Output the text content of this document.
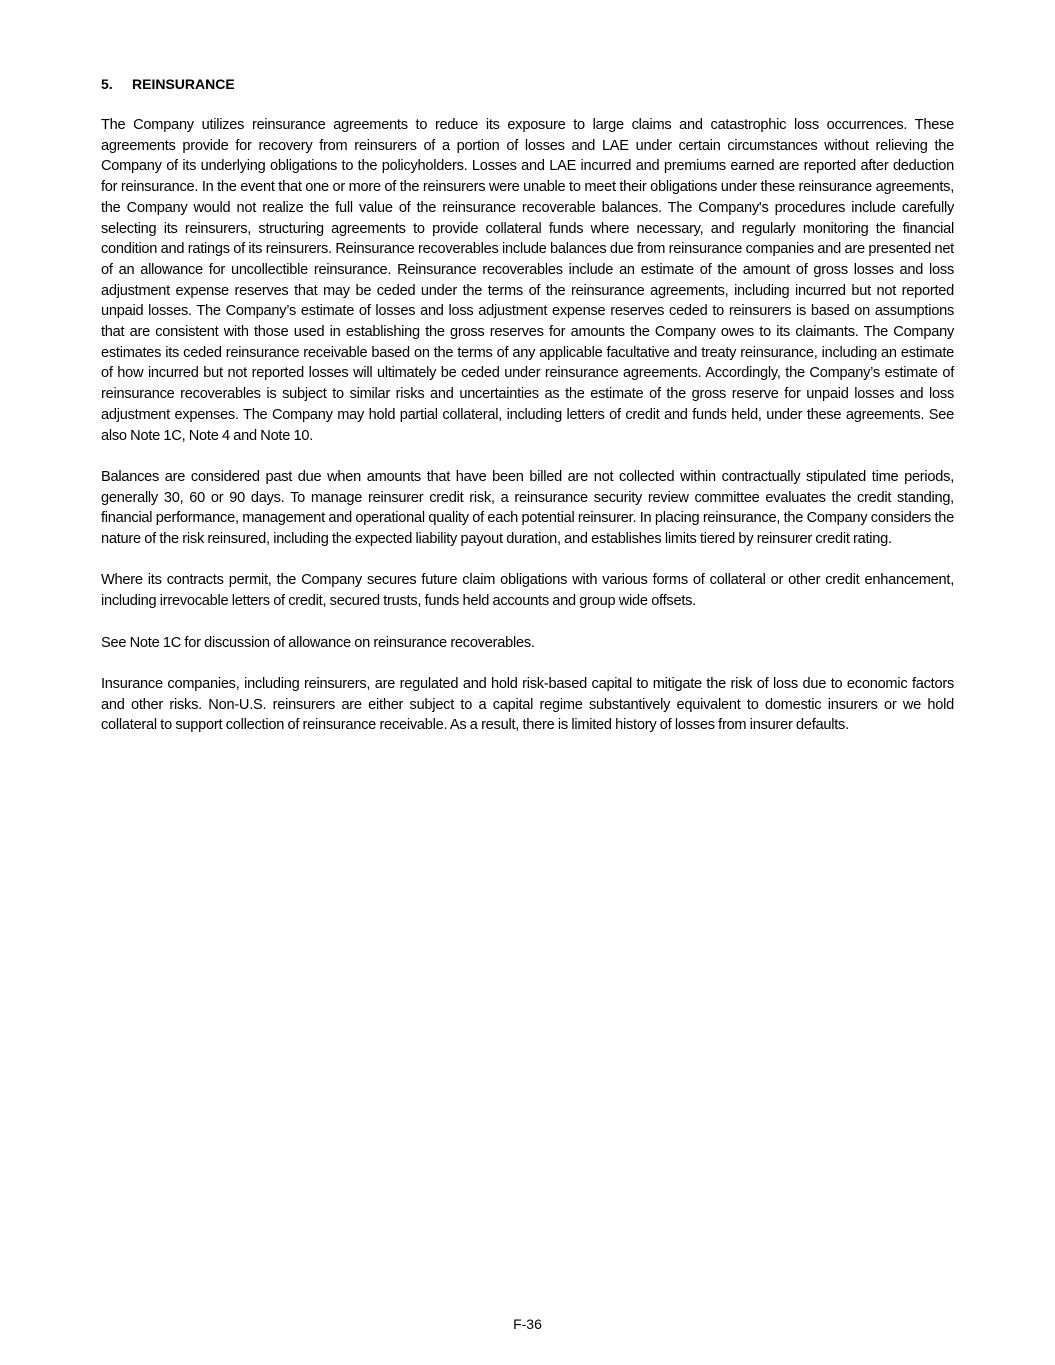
5.	REINSURANCE

The Company utilizes reinsurance agreements to reduce its exposure to large claims and catastrophic loss occurrences. These agreements provide for recovery from reinsurers of a portion of losses and LAE under certain circumstances without relieving the Company of its underlying obligations to the policyholders. Losses and LAE incurred and premiums earned are reported after deduction for reinsurance. In the event that one or more of the reinsurers were unable to meet their obligations under these reinsurance agreements, the Company would not realize the full value of the reinsurance recoverable balances. The Company's procedures include carefully selecting its reinsurers, structuring agreements to provide collateral funds where necessary, and regularly monitoring the financial condition and ratings of its reinsurers. Reinsurance recoverables include balances due from reinsurance companies and are presented net of an allowance for uncollectible reinsurance. Reinsurance recoverables include an estimate of the amount of gross losses and loss adjustment expense reserves that may be ceded under the terms of the reinsurance agreements, including incurred but not reported unpaid losses. The Company’s estimate of losses and loss adjustment expense reserves ceded to reinsurers is based on assumptions that are consistent with those used in establishing the gross reserves for amounts the Company owes to its claimants. The Company estimates its ceded reinsurance receivable based on the terms of any applicable facultative and treaty reinsurance, including an estimate of how incurred but not reported losses will ultimately be ceded under reinsurance agreements. Accordingly, the Company’s estimate of reinsurance recoverables is subject to similar risks and uncertainties as the estimate of the gross reserve for unpaid losses and loss adjustment expenses. The Company may hold partial collateral, including letters of credit and funds held, under these agreements. See also Note 1C, Note 4 and Note 10.

Balances are considered past due when amounts that have been billed are not collected within contractually stipulated time periods, generally 30, 60 or 90 days. To manage reinsurer credit risk, a reinsurance security review committee evaluates the credit standing, financial performance, management and operational quality of each potential reinsurer. In placing reinsurance, the Company considers the nature of the risk reinsured, including the expected liability payout duration, and establishes limits tiered by reinsurer credit rating.

Where its contracts permit, the Company secures future claim obligations with various forms of collateral or other credit enhancement, including irrevocable letters of credit, secured trusts, funds held accounts and group wide offsets.

See Note 1C for discussion of allowance on reinsurance recoverables.

Insurance companies, including reinsurers, are regulated and hold risk-based capital to mitigate the risk of loss due to economic factors and other risks. Non-U.S. reinsurers are either subject to a capital regime substantively equivalent to domestic insurers or we hold collateral to support collection of reinsurance receivable. As a result, there is limited history of losses from insurer defaults.

F-36
